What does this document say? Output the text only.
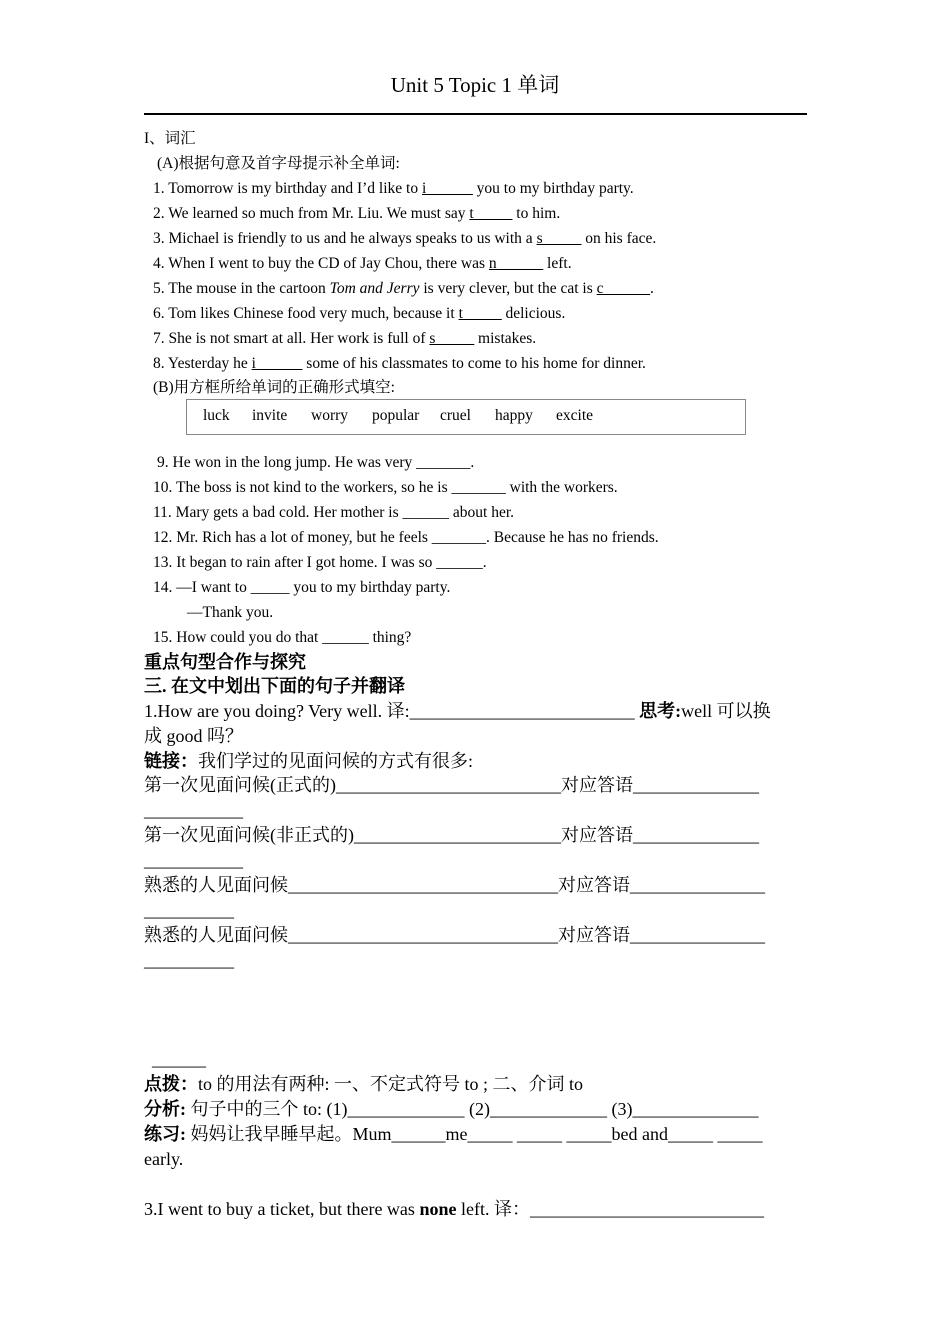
Unit 5 Topic 1 单词
I、词汇
(A)根据句意及首字母提示补全单词:
1. Tomorrow is my birthday and I’d like to i______ you to my birthday party.
2. We learned so much from Mr. Liu. We must say t_____ to him.
3. Michael is friendly to us and he always speaks to us with a s_____ on his face.
4. When I went to buy the CD of Jay Chou, there was n______ left.
5. The mouse in the cartoon Tom and Jerry is very clever, but the cat is c______.
6. Tom likes Chinese food very much, because it t_____ delicious.
7. She is not smart at all. Her work is full of s_____ mistakes.
8. Yesterday he i______ some of his classmates to come to his home for dinner.
(B)用方框所给单词的正确形式填空:
luck invite worry popular cruel happy excite
9. He won in the long jump. He was very _______.
10. The boss is not kind to the workers, so he is _______ with the workers.
11. Mary gets a bad cold. Her mother is ______ about her.
12. Mr. Rich has a lot of money, but he feels _______. Because he has no friends.
13. It began to rain after I got home. I was so ______.
14. —I want to _____ you to my birthday party.
—Thank you.
15. How could you do that ______ thing?
重点句型合作与探究
三. 在文中划出下面的句子并翻译
1.How are you doing? Very well. 译:_________________________ 思考:well 可以换
成 good 吗？
链接：我们学过的见面问候的方式有很多:
第一次见面问候(正式的)_________________________对应答语______________
___________
第一次见面问候(非正式的)_______________________对应答语______________
___________
熟悉的人见面问候______________________________对应答语_______________
__________
熟悉的人见面问候______________________________对应答语_______________
__________
______
点拨：to 的用法有两种: 一、不定式符号 to ; 二、介词 to
分析: 句子中的三个 to: (1)_____________ (2)_____________ (3)______________
练习: 妈妈让我早睡早起。Mum______me_____ _____ _____bed and_____ _____
early.
3.I went to buy a ticket, but there was none left. 译：__________________________
